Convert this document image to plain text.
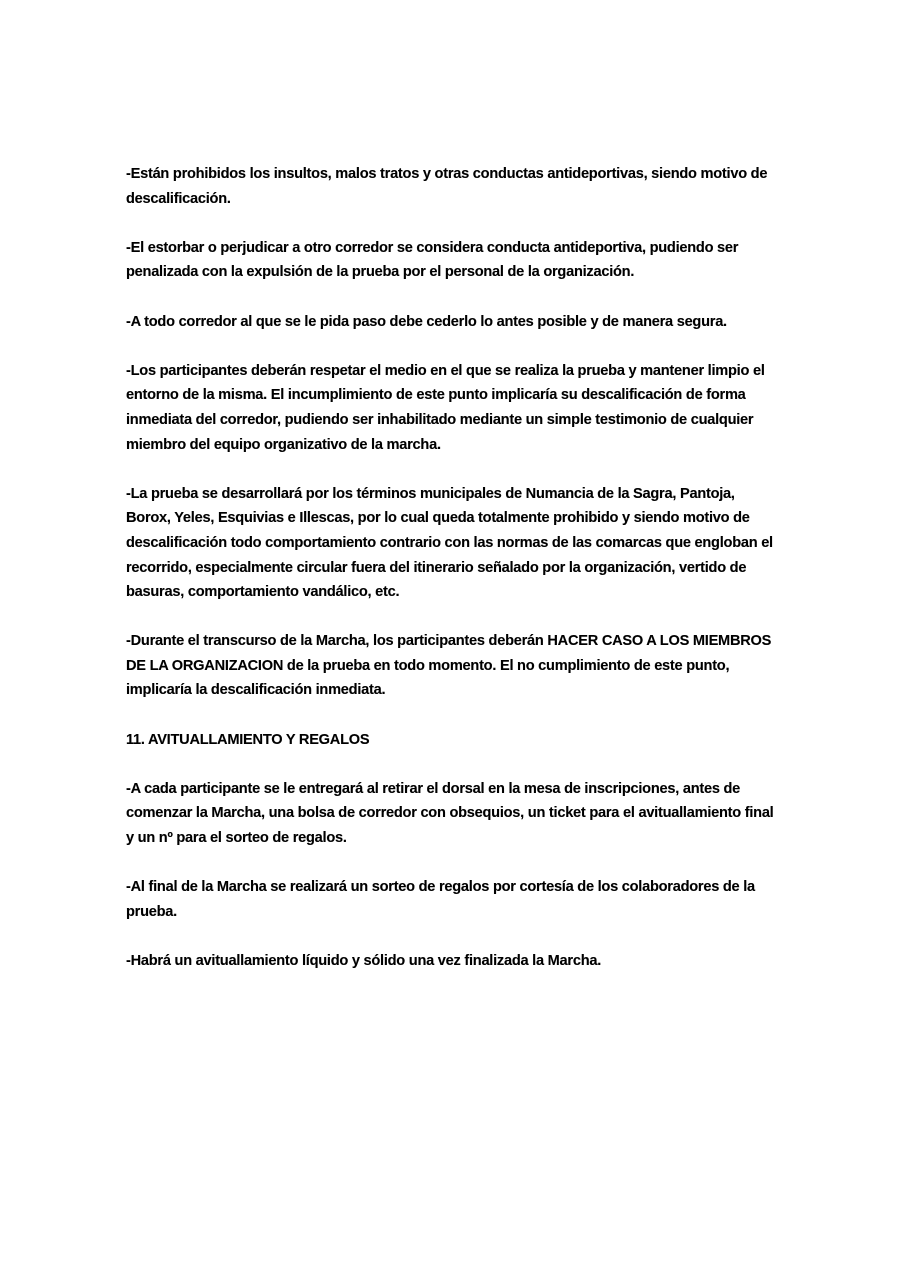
-Están prohibidos los insultos, malos tratos y otras conductas antideportivas, siendo motivo de descalificación.

-El estorbar o perjudicar a otro corredor se considera conducta antideportiva, pudiendo ser penalizada con la expulsión de la prueba por el personal de la organización.

-A todo corredor al que se le pida paso debe cederlo lo antes posible y de manera segura.

-Los participantes deberán respetar el medio en el que se realiza la prueba y mantener limpio el entorno de la misma. El incumplimiento de este punto implicaría su descalificación de forma inmediata del corredor, pudiendo ser inhabilitado mediante un simple testimonio de cualquier miembro del equipo organizativo de la marcha.

-La prueba se desarrollará por los términos municipales de Numancia de la Sagra, Pantoja, Borox, Yeles, Esquivias e Illescas, por lo cual queda totalmente prohibido y siendo motivo de descalificación todo comportamiento contrario con las normas de las comarcas que engloban el recorrido, especialmente circular fuera del itinerario señalado por la organización, vertido de basuras, comportamiento vandálico, etc.

-Durante el transcurso de la Marcha, los participantes deberán HACER CASO A LOS MIEMBROS DE LA ORGANIZACION de la prueba en todo momento. El no cumplimiento de este punto, implicaría la descalificación inmediata.

11. AVITUALLAMIENTO Y REGALOS

-A cada participante se le entregará al retirar el dorsal en la mesa de inscripciones, antes de comenzar la Marcha, una bolsa de corredor con obsequios, un ticket para el avituallamiento final y un nº para el sorteo de regalos.

-Al final de la Marcha se realizará un sorteo de regalos por cortesía de los colaboradores de la prueba.

-Habrá un avituallamiento líquido y sólido una vez finalizada la Marcha.
